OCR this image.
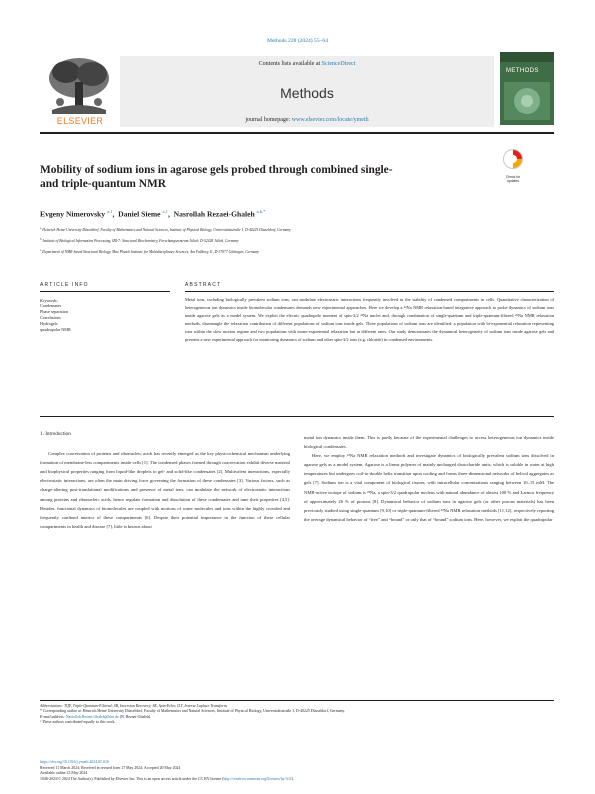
Methods 228 (2024) 55–64
ELSEVIER
Contents lists available at ScienceDirect
Methods
journal homepage: www.elsevier.com/locate/ymeth
METHODS
Mobility of sodium ions in agarose gels probed through combined single-
and triple-quantum NMR
Check for
updates
Evgeny Nimerovsky $^{a,1}$,  Daniel Sieme $^{a,1}$,  Nasrollah Rezaei-Ghaleh $^{a,b,*}$
$^a$ Heinrich Heine University Düsseldorf, Faculty of Mathematics and Natural Sciences, Institute of Physical Biology, Universitätsstraße 1, D-40225 Düsseldorf, Germany
$^b$ Institute of Biological Information Processing, IBI-7: Structural Biochemistry, Forschungszentrum Jülich, D-52428 Jülich, Germany
$^c$ Department of NMR-based Structural Biology, Max Planck Institute for Multidisciplinary Sciences, Am Faßberg 11, D-37077 Göttingen, Germany
ARTICLE INFO	ABSTRACT
Keywords:
Condensates
Phase separation
Correlations
Hydrogels
quadrupolar NMR
Metal ions, including biologically prevalent sodium ions, can modulate electrostatic interactions frequently involved in the stability of condensed compartments in cells. Quantitative characterization of heterogeneous ion dynamics inside biomolecular condensates demands new experimental approaches. Here we develop a ²³Na NMR relaxation-based integrative approach to probe dynamics of sodium ions inside agarose gels as a model system. We exploit the electric quadrupole moment of spin-3/2 ²³Na nuclei and, through combination of single-quantum and triple-quantum-filtered ²³Na NMR relaxation methods, disentangle the relaxation contribution of different populations of sodium ions inside gels. Three populations of sodium ions are identified: a population with bi-exponential relaxation representing ions within the slow motion regime and two populations with mono-exponential relaxation but at different rates. Our study demonstrates the dynamical heterogeneity of sodium ions inside agarose gels and presents a new experimental approach for monitoring dynamics of sodium and other spin-3/2 ions (e.g. chloride) in condensed environments.
1. Introduction

Complex coacervation of proteins and ribonucleic acids has recently emerged as the key physicochemical mechanism underlying formation of membrane-less compartments inside cells [1]. The condensed phases formed through coacervation exhibit diverse material and biophysical properties ranging from liquid-like droplets to gel- and solid-like condensates [2]. Multivalent interactions, especially electrostatic interactions, are often the main driving force governing the formation of these condensates [3]. Various factors, such as charge-altering post-translational modifications and presence of metal ions, can modulate the network of electrostatic interactions among proteins and ribonucleic acids, hence regulate formation and dissolution of these condensates and tune their properties [4,5]. Besides, functional dynamics of biomolecules are coupled with motions of water molecules and ions within the highly crowded and frequently confined interior of these compartments [6]. Despite their potential importance in the function of these cellular compartments in health and disease [7], little is known about

metal ion dynamics inside them. This is partly because of the experimental challenges to access heterogeneous ion dynamics inside biological condensates.

Here, we employ ²³Na NMR relaxation methods and investigate dynamics of biologically prevalent sodium ions dissolved in agarose gels as a model system. Agarose is a linear polymer of mainly uncharged disaccharide units, which is soluble in water at high temperatures but undergoes coil-to-double helix transition upon cooling and forms three-dimensional networks of helical aggregates as gels [7]. Sodium ion is a vital component of biological tissues, with intracellular concentrations ranging between 10–15 mM. The NMR-active isotope of sodium is ²³Na, a spin-3/2 quadrupolar nucleus with natural abundance of almost 100 % and Larmor frequency of approximately 26 % of protons [8]. Dynamical behavior of sodium ions in agarose gels (or other porous materials) has been previously studied using single-quantum [9,10] or triple-quantum-filtered ²³Na NMR relaxation methods [11,12], respectively reporting the average dynamical behavior of “free” and “bound” or only that of “bound” sodium ions. Here, however, we exploit the quadrupolar

Abbreviations: TQF, Triple-Quantum-Filtered; SR, Inversion Recovery; SE, Spin-Echo; ILT, Inverse Laplace Transform.
* Corresponding author at: Heinrich Heine University Düsseldorf, Faculty of Mathematics and Natural Sciences, Institute of Physical Biology, Universitätsstraße 1, D-40225 Düsseldorf, Germany.
E-mail address: Nasrollah.Rezaei.Ghaleh@hhu.de (N. Rezaei-Ghaleh).
¹ These authors contributed equally to this work.
https://doi.org/10.1016/j.ymeth.2024.05.016
Received 11 March 2024; Received in revised form 17 May 2024; Accepted 20 May 2024
Available online 23 May 2024
1046-2023/© 2024 The Author(s). Published by Elsevier Inc. This is an open access article under the CC BY license (http://creativecommons.org/licenses/by/4.0/).
